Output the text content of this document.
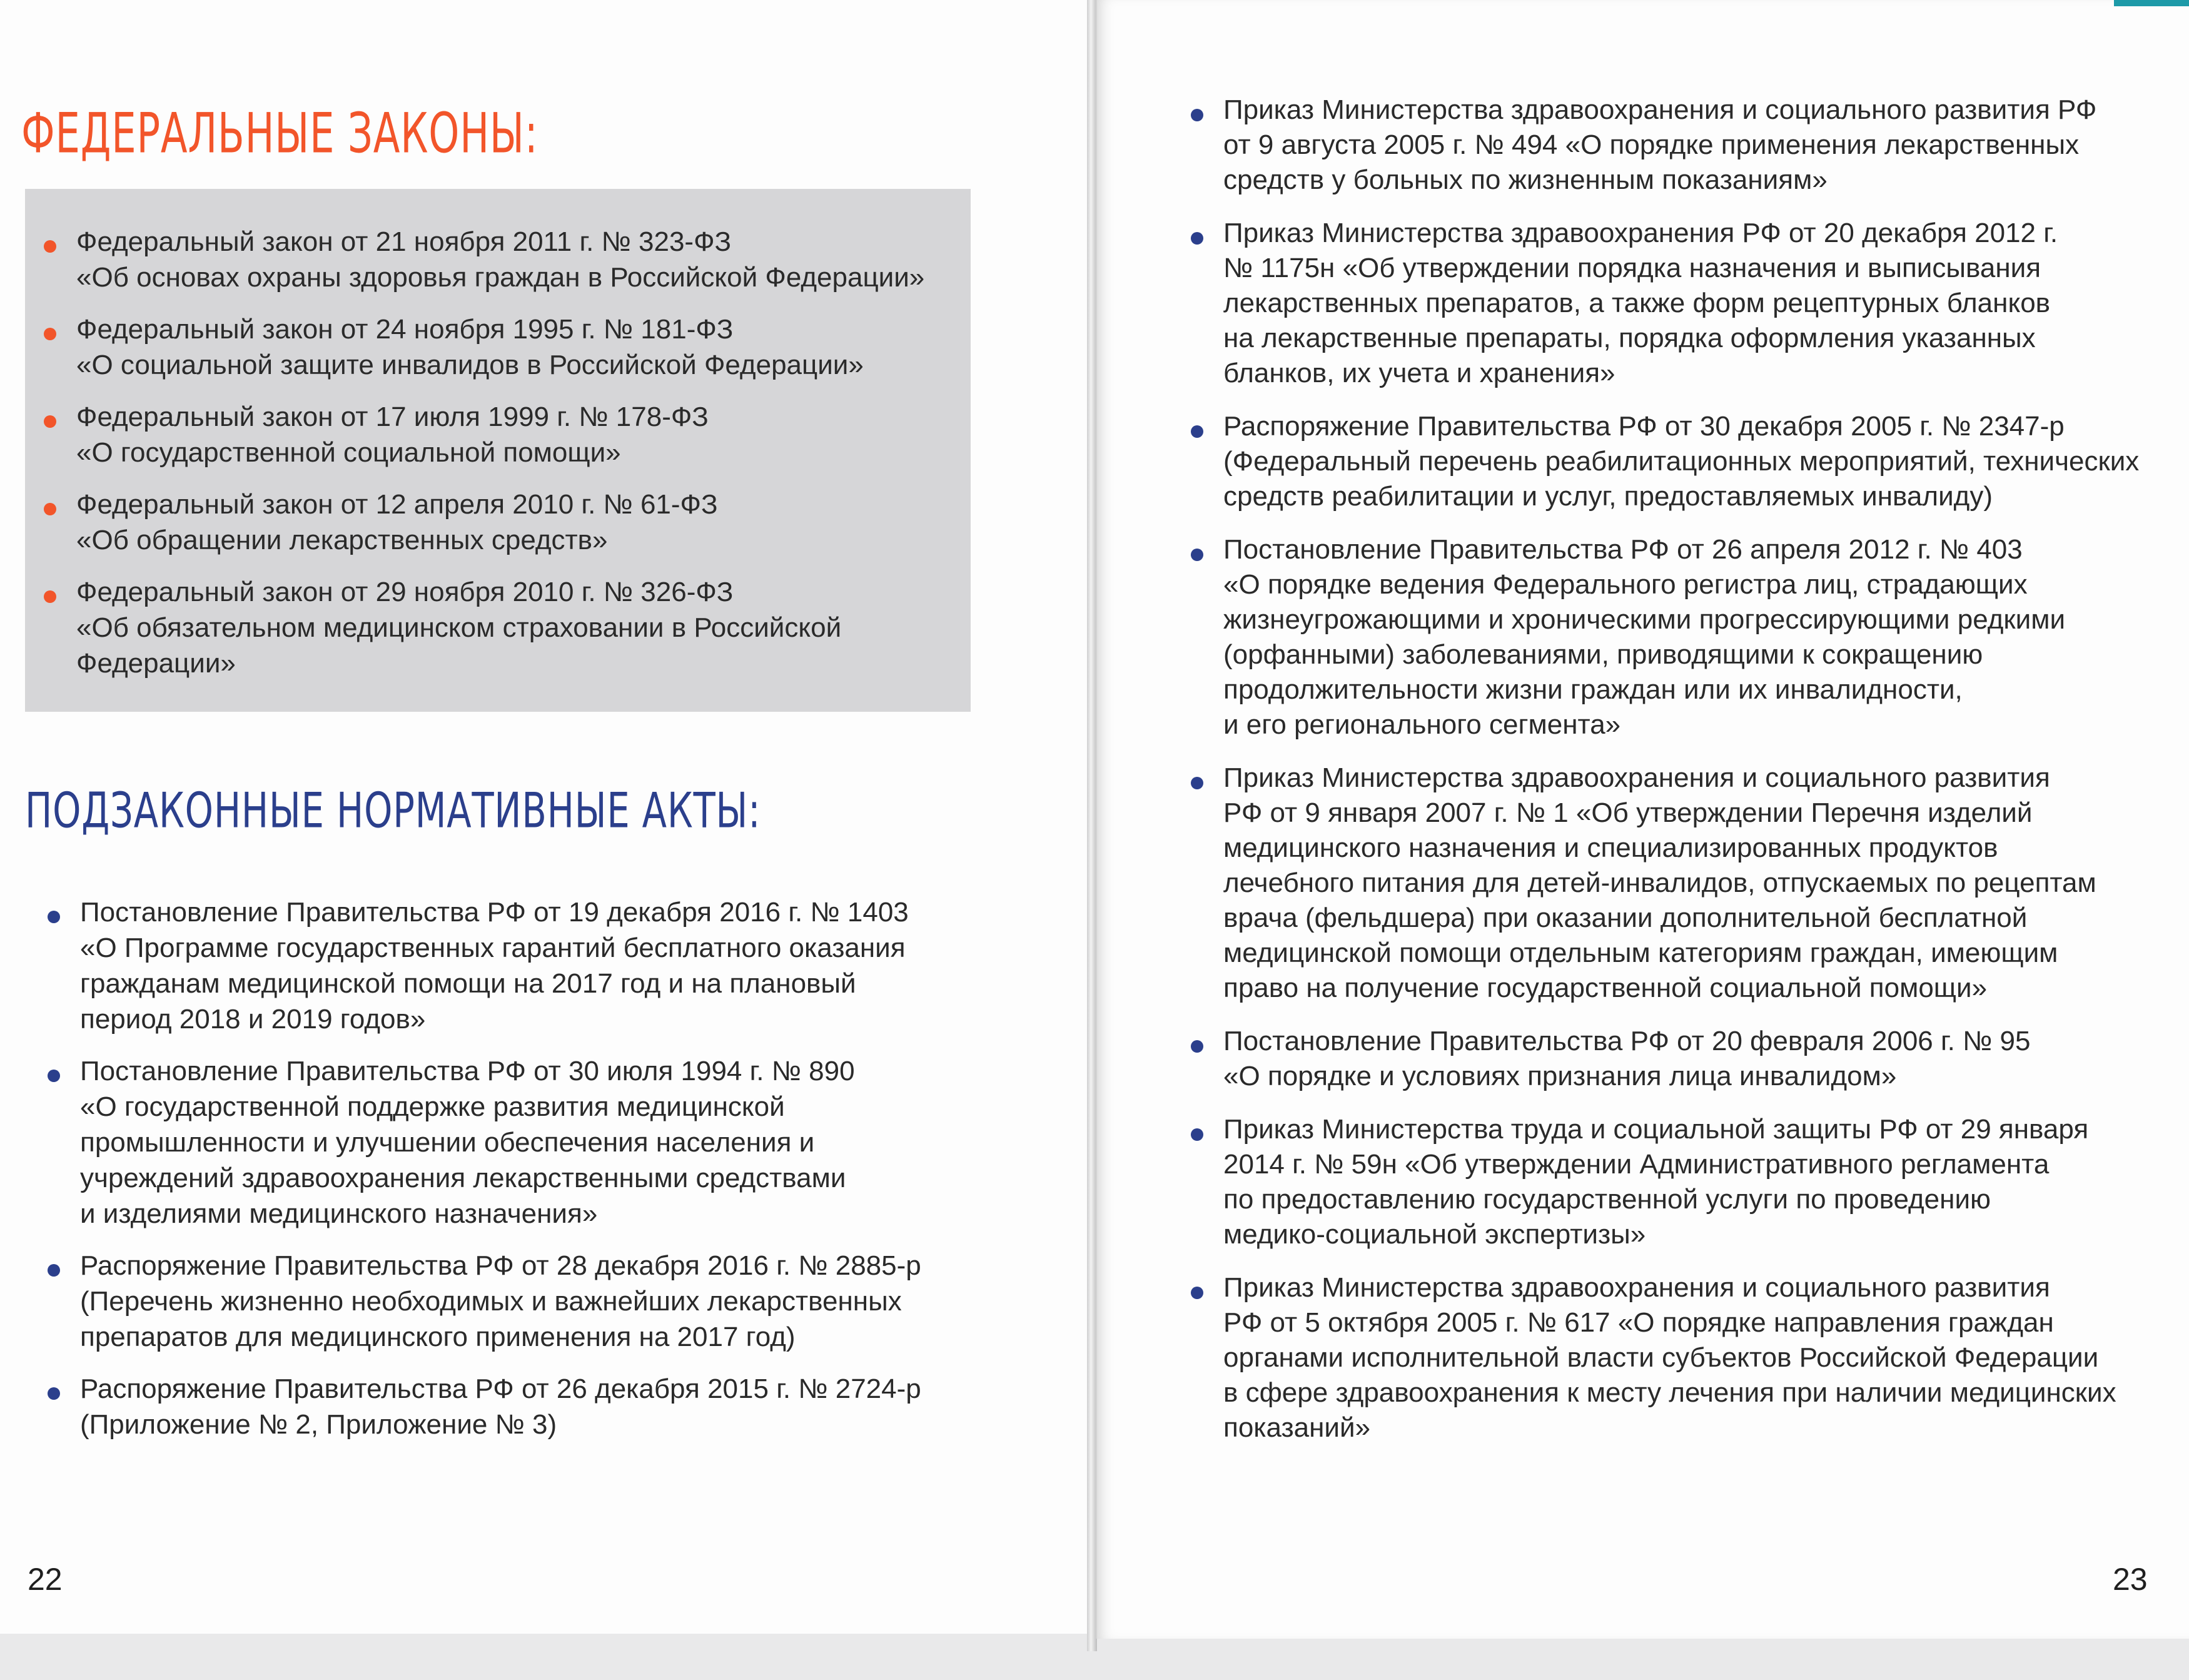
ФЕДЕРАЛЬНЫЕ ЗАКОНЫ:
Федеральный закон от 21 ноября 2011 г. № 323-ФЗ
«Об основах охраны здоровья граждан в Российской Федерации»
Федеральный закон от 24 ноября 1995 г. № 181-ФЗ
«О социальной защите инвалидов в Российской Федерации»
Федеральный закон от 17 июля 1999 г. № 178-ФЗ
«О государственной социальной помощи»
Федеральный закон от 12 апреля 2010 г. № 61-ФЗ
«Об обращении лекарственных средств»
Федеральный закон от 29 ноября 2010 г. № 326-ФЗ
«Об обязательном медицинском страховании в Российской
Федерации»
ПОДЗАКОННЫЕ НОРМАТИВНЫЕ АКТЫ:
Постановление Правительства РФ от 19 декабря 2016 г. № 1403
«О Программе государственных гарантий бесплатного оказания
гражданам медицинской помощи на 2017 год и на плановый
период 2018 и 2019 годов»
Постановление Правительства РФ от 30 июля 1994 г. № 890
«О государственной поддержке развития медицинской
промышленности и улучшении обеспечения населения и
учреждений здравоохранения лекарственными средствами
и изделиями медицинского назначения»
Распоряжение Правительства РФ от 28 декабря 2016 г. № 2885-р
(Перечень жизненно необходимых и важнейших лекарственных
препаратов для медицинского применения на 2017 год)
Распоряжение Правительства РФ от 26 декабря 2015 г. № 2724-р
(Приложение № 2, Приложение № 3)
22
Приказ Министерства здравоохранения и социального развития РФ
от 9 августа 2005 г. № 494 «О порядке применения лекарственных
средств у больных по жизненным показаниям»
Приказ Министерства здравоохранения РФ от 20 декабря 2012 г.
№ 1175н «Об утверждении порядка назначения и выписывания
лекарственных препаратов, а также форм рецептурных бланков
на лекарственные препараты, порядка оформления указанных
бланков, их учета и хранения»
Распоряжение Правительства РФ от 30 декабря 2005 г. № 2347-р
(Федеральный перечень реабилитационных мероприятий, технических
средств реабилитации и услуг, предоставляемых инвалиду)
Постановление Правительства РФ от 26 апреля 2012 г. № 403
«О порядке ведения Федерального регистра лиц, страдающих
жизнеугрожающими и хроническими прогрессирующими редкими
(орфанными) заболеваниями, приводящими к сокращению
продолжительности жизни граждан или их инвалидности,
и его регионального сегмента»
Приказ Министерства здравоохранения и социального развития
РФ от 9 января 2007 г. № 1 «Об утверждении Перечня изделий
медицинского назначения и специализированных продуктов
лечебного питания для детей-инвалидов, отпускаемых по рецептам
врача (фельдшера) при оказании дополнительной бесплатной
медицинской помощи отдельным категориям граждан, имеющим
право на получение государственной социальной помощи»
Постановление Правительства РФ от 20 февраля 2006 г. № 95
«О порядке и условиях признания лица инвалидом»
Приказ Министерства труда и социальной защиты РФ от 29 января
2014 г. № 59н «Об утверждении Административного регламента
по предоставлению государственной услуги по проведению
медико-социальной экспертизы»
Приказ Министерства здравоохранения и социального развития
РФ от 5 октября 2005 г. № 617 «О порядке направления граждан
органами исполнительной власти субъектов Российской Федерации
в сфере здравоохранения к месту лечения при наличии медицинских
показаний»
23
